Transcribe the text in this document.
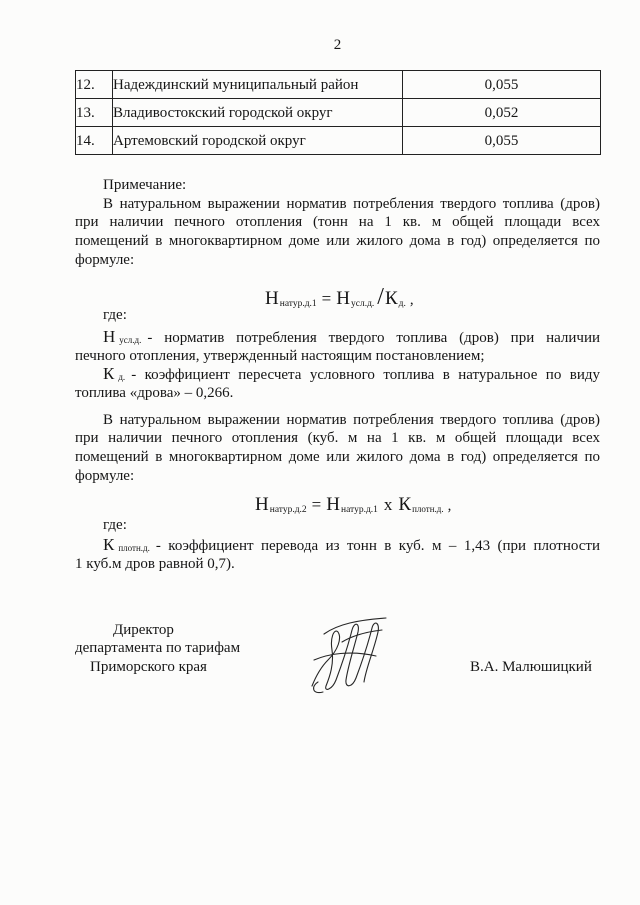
2
12.	Надеждинский муниципальный район	0,055
13.	Владивостокский городской округ	0,052
14.	Артемовский городской округ	0,055
Примечание:
В натуральном выражении норматив потребления твердого топлива (дров)
при наличии печного отопления (тонн на 1 кв. м общей площади всех
помещений в многоквартирном доме или жилого дома в год) определяется по
формуле:
Ннатур.д.1 = Нусл.д. /Кд. ,
где:
Нусл.д. - норматив потребления твердого топлива (дров) при наличии
печного отопления, утвержденный настоящим постановлением;
Кд. - коэффициент пересчета условного топлива в натуральное по виду
топлива «дрова» – 0,266.
В натуральном выражении норматив потребления твердого топлива (дров)
при наличии печного отопления (куб. м на 1 кв. м общей площади всех
помещений в многоквартирном доме или жилого дома в год) определяется по
формуле:
Ннатур.д.2 = Ннатур.д.1 х Кплотн.д. ,
где:
Кплотн.д. - коэффициент перевода из тонн в куб. м – 1,43 (при плотности
1 куб.м дров равной 0,7).
Директор
департамента по тарифам
Приморского края	В.А. Малюшицкий
